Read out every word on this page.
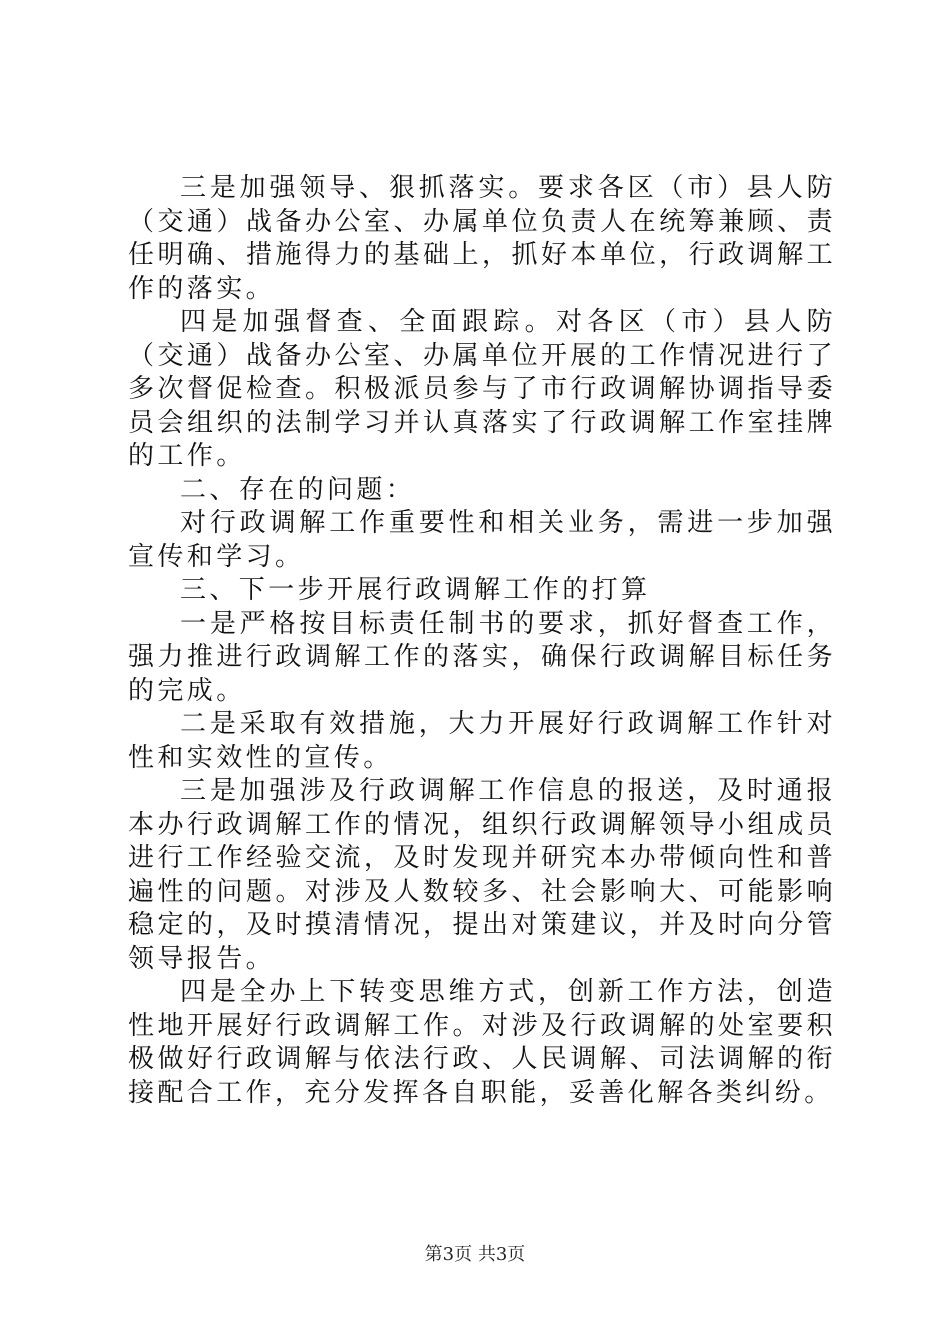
三是加强领导、狠抓落实。要求各区（市）县人防（交通）战备办公室、办属单位负责人在统筹兼顾、责任明确、措施得力的基础上，抓好本单位，行政调解工作的落实。

四是加强督查、全面跟踪。对各区（市）县人防（交通）战备办公室、办属单位开展的工作情况进行了多次督促检查。积极派员参与了市行政调解协调指导委员会组织的法制学习并认真落实了行政调解工作室挂牌的工作。

二、存在的问题：

对行政调解工作重要性和相关业务，需进一步加强宣传和学习。

三、下一步开展行政调解工作的打算

一是严格按目标责任制书的要求，抓好督查工作，强力推进行政调解工作的落实，确保行政调解目标任务的完成。

二是采取有效措施，大力开展好行政调解工作针对性和实效性的宣传。

三是加强涉及行政调解工作信息的报送，及时通报本办行政调解工作的情况，组织行政调解领导小组成员进行工作经验交流，及时发现并研究本办带倾向性和普遍性的问题。对涉及人数较多、社会影响大、可能影响稳定的，及时摸清情况，提出对策建议，并及时向分管领导报告。

四是全办上下转变思维方式，创新工作方法，创造性地开展好行政调解工作。对涉及行政调解的处室要积极做好行政调解与依法行政、人民调解、司法调解的衔接配合工作，充分发挥各自职能，妥善化解各类纠纷。

第3页 共3页
